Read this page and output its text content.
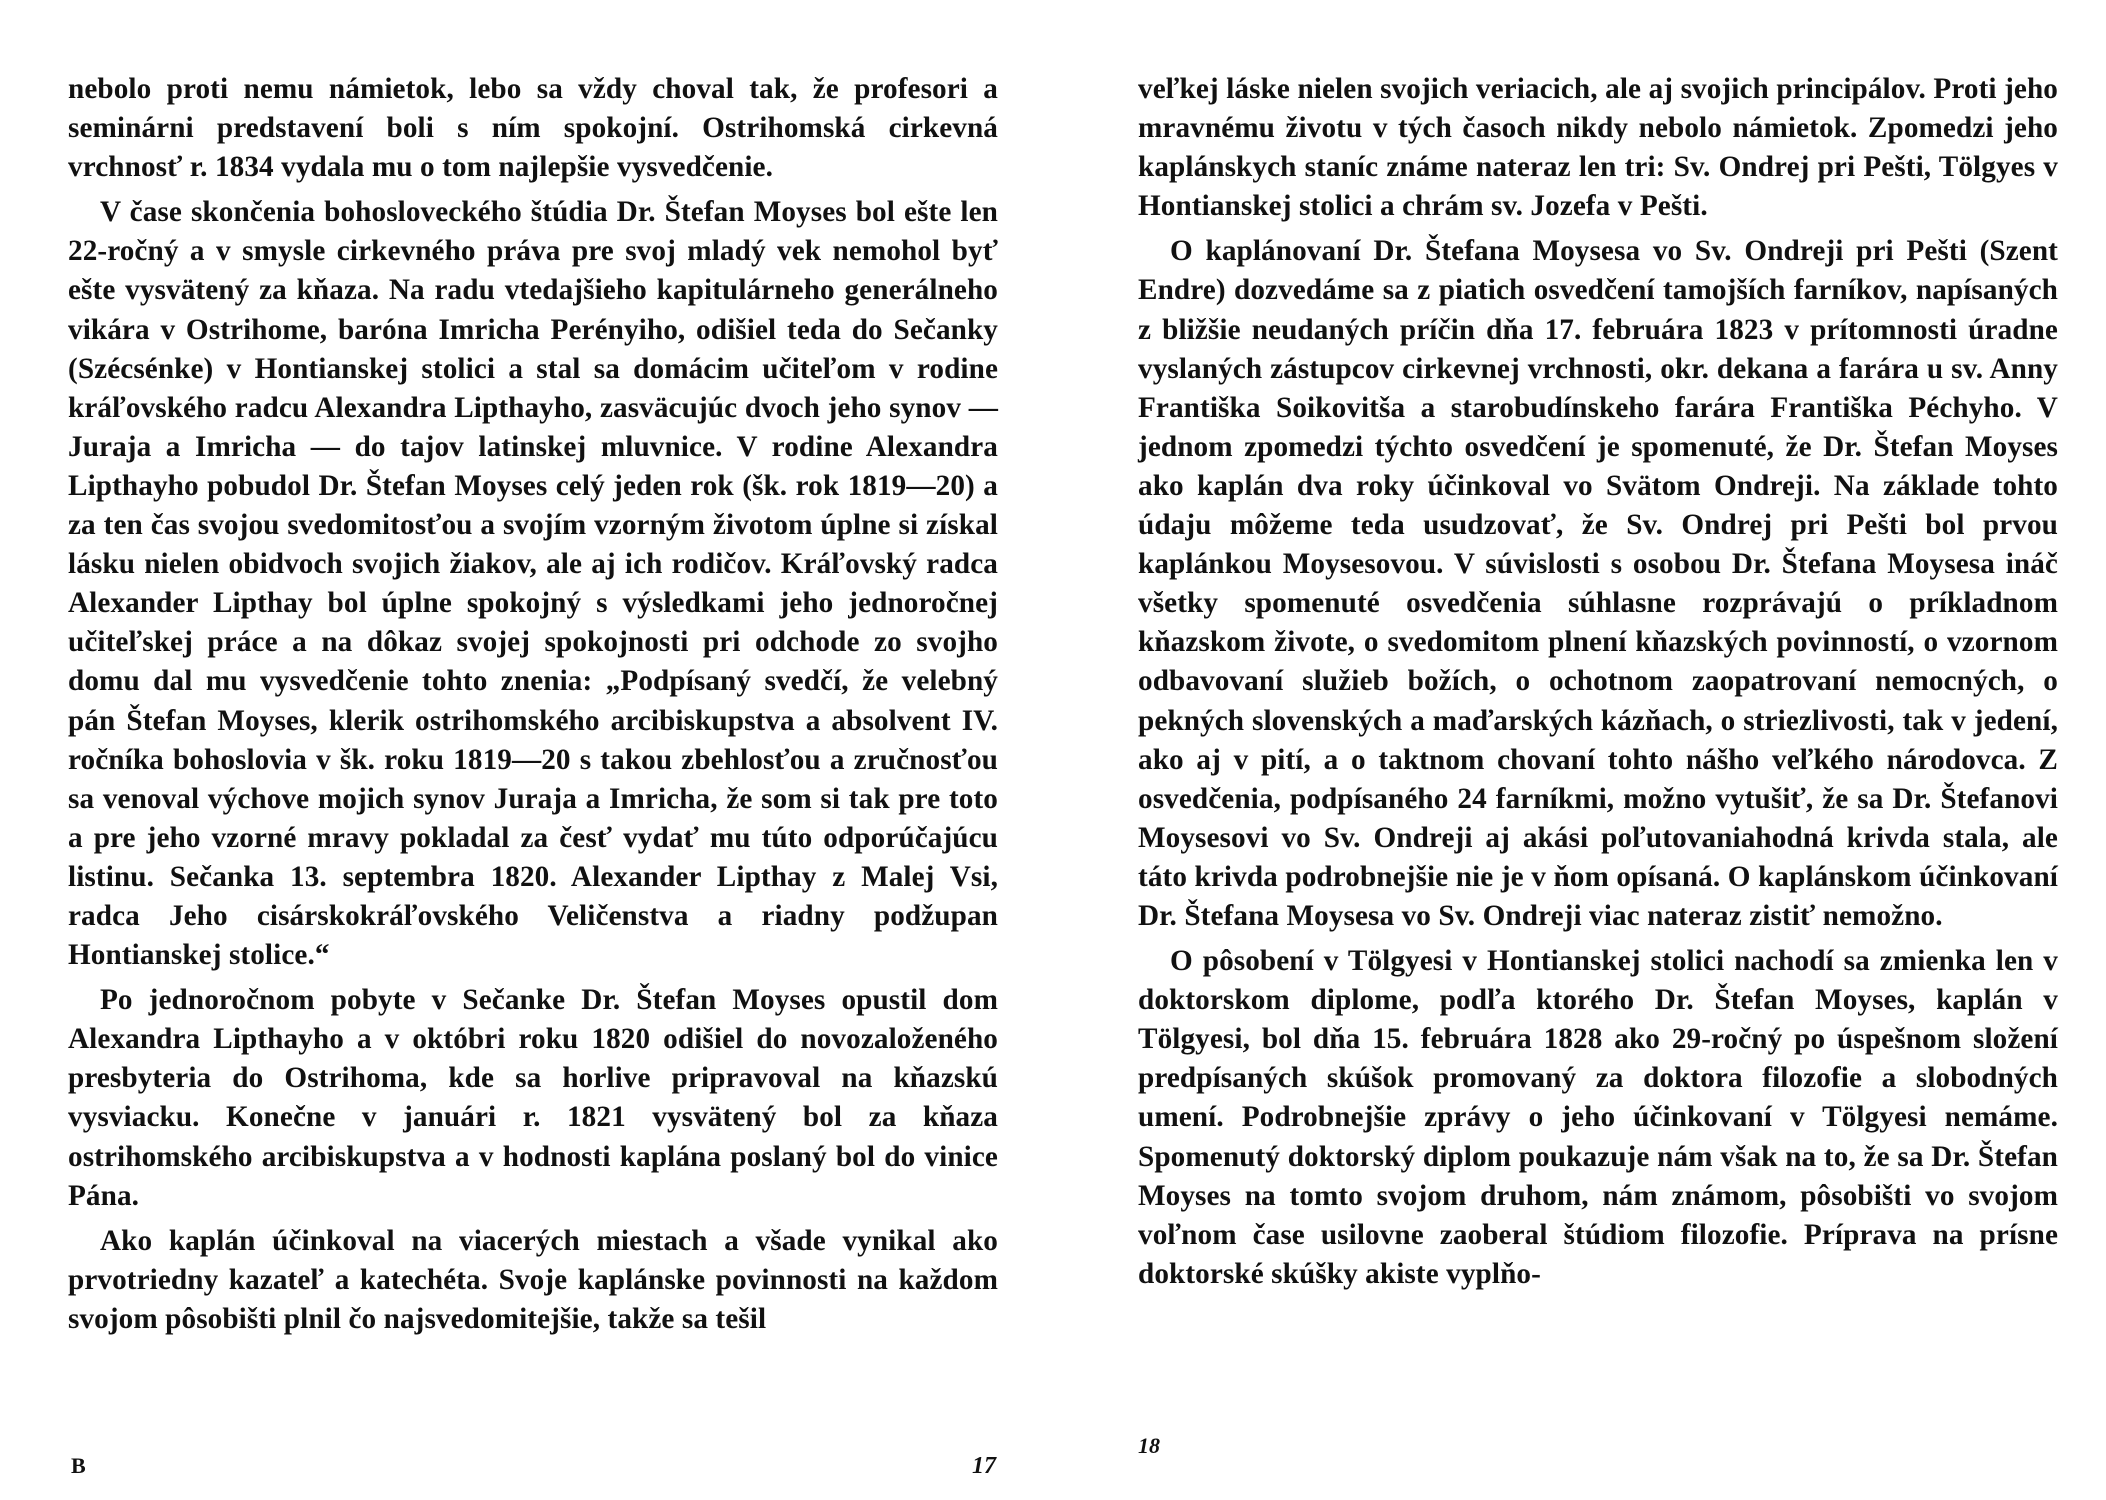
nebolo proti nemu námietok, lebo sa vždy choval tak, že profesori a seminárni predstavení boli s ním spokojní. Ostrihomská cirkevná vrchnosť r. 1834 vydala mu o tom najlepšie vysvedčenie.

V čase skončenia bohosloveckého štúdia Dr. Štefan Moyses bol ešte len 22-ročný a v smysle cirkevného práva pre svoj mladý vek nemohol byť ešte vysvätený za kňaza. Na radu vtedajšieho kapitulárneho generálneho vikára v Ostrihome, baróna Imricha Perényiho, odišiel teda do Sečanky (Szécsénke) v Hontianskej stolici a stal sa domácim učiteľom v rodine kráľovského radcu Alexandra Lipthayho, zasväcujúc dvoch jeho synov — Juraja a Imricha — do tajov latinskej mluvnice. V rodine Alexandra Lipthayho pobudol Dr. Štefan Moyses celý jeden rok (šk. rok 1819—20) a za ten čas svojou svedomitosťou a svojím vzorným životom úplne si získal lásku nielen obidvoch svojich žiakov, ale aj ich rodičov. Kráľovský radca Alexander Lipthay bol úplne spokojný s výsledkami jeho jednoročnej učiteľskej práce a na dôkaz svojej spokojnosti pri odchode zo svojho domu dal mu vysvedčenie tohto znenia: „Podpísaný svedčí, že velebný pán Štefan Moyses, klerik ostrihomského arcibiskupstva a absolvent IV. ročníka bohoslovia v šk. roku 1819—20 s takou zbehlosťou a zručnosťou sa venoval výchove mojich synov Juraja a Imricha, že som si tak pre toto a pre jeho vzorné mravy pokladal za česť vydať mu túto odporúčajúcu listinu. Sečanka 13. septembra 1820. Alexander Lipthay z Malej Vsi, radca Jeho cisárskokráľovského Veličenstva a riadny podžupan Hontianskej stolice.“

Po jednoročnom pobyte v Sečanke Dr. Štefan Moyses opustil dom Alexandra Lipthayho a v októbri roku 1820 odišiel do novozaloženého presbyteria do Ostrihoma, kde sa horlive pripravoval na kňazskú vysviacku. Konečne v januári r. 1821 vysvätený bol za kňaza ostrihomského arcibiskupstva a v hodnosti kaplána poslaný bol do vinice Pána.

Ako kaplán účinkoval na viacerých miestach a všade vynikal ako prvotriedny kazateľ a katechéta. Svoje kaplánske povinnosti na každom svojom pôsobišti plnil čo najsvedomitejšie, takže sa tešil

veľkej láske nielen svojich veriacich, ale aj svojich principálov. Proti jeho mravnému životu v tých časoch nikdy nebolo námietok. Zpomedzi jeho kaplánskych staníc známe nateraz len tri: Sv. Ondrej pri Pešti, Tölgyes v Hontianskej stolici a chrám sv. Jozefa v Pešti.

O kaplánovaní Dr. Štefana Moysesa vo Sv. Ondreji pri Pešti (Szent Endre) dozvedáme sa z piatich osvedčení tamojších farníkov, napísaných z bližšie neudaných príčin dňa 17. februára 1823 v prítomnosti úradne vyslaných zástupcov cirkevnej vrchnosti, okr. dekana a farára u sv. Anny Františka Soikovitša a starobudínskeho farára Františka Péchyho. V jednom zpomedzi týchto osvedčení je spomenuté, že Dr. Štefan Moyses ako kaplán dva roky účinkoval vo Svätom Ondreji. Na základe tohto údaju môžeme teda usudzovať, že Sv. Ondrej pri Pešti bol prvou kaplánkou Moysesovou. V súvislosti s osobou Dr. Štefana Moysesa ináč všetky spomenuté osvedčenia súhlasne rozprávajú o príkladnom kňazskom živote, o svedomitom plnení kňazských povinností, o vzornom odbavovaní služieb božích, o ochotnom zaopatrovaní nemocných, o pekných slovenských a maďarských kázňach, o striezlivosti, tak v jedení, ako aj v pití, a o taktnom chovaní tohto nášho veľkého národovca. Z osvedčenia, podpísaného 24 farníkmi, možno vytušiť, že sa Dr. Štefanovi Moysesovi vo Sv. Ondreji aj akási poľutovaniahodná krivda stala, ale táto krivda podrobnejšie nie je v ňom opísaná. O kaplánskom účinkovaní Dr. Štefana Moysesa vo Sv. Ondreji viac nateraz zistiť nemožno.

O pôsobení v Tölgyesi v Hontianskej stolici nachodí sa zmienka len v doktorskom diplome, podľa ktorého Dr. Štefan Moyses, kaplán v Tölgyesi, bol dňa 15. februára 1828 ako 29-ročný po úspešnom složení predpísaných skúšok promovaný za doktora filozofie a slobodných umení. Podrobnejšie zprávy o jeho účinkovaní v Tölgyesi nemáme. Spomenutý doktorský diplom poukazuje nám však na to, že sa Dr. Štefan Moyses na tomto svojom druhom, nám známom, pôsobišti vo svojom voľnom čase usilovne zaoberal štúdiom filozofie. Príprava na prísne doktorské skúšky akiste vyplňo-

B	17
18
